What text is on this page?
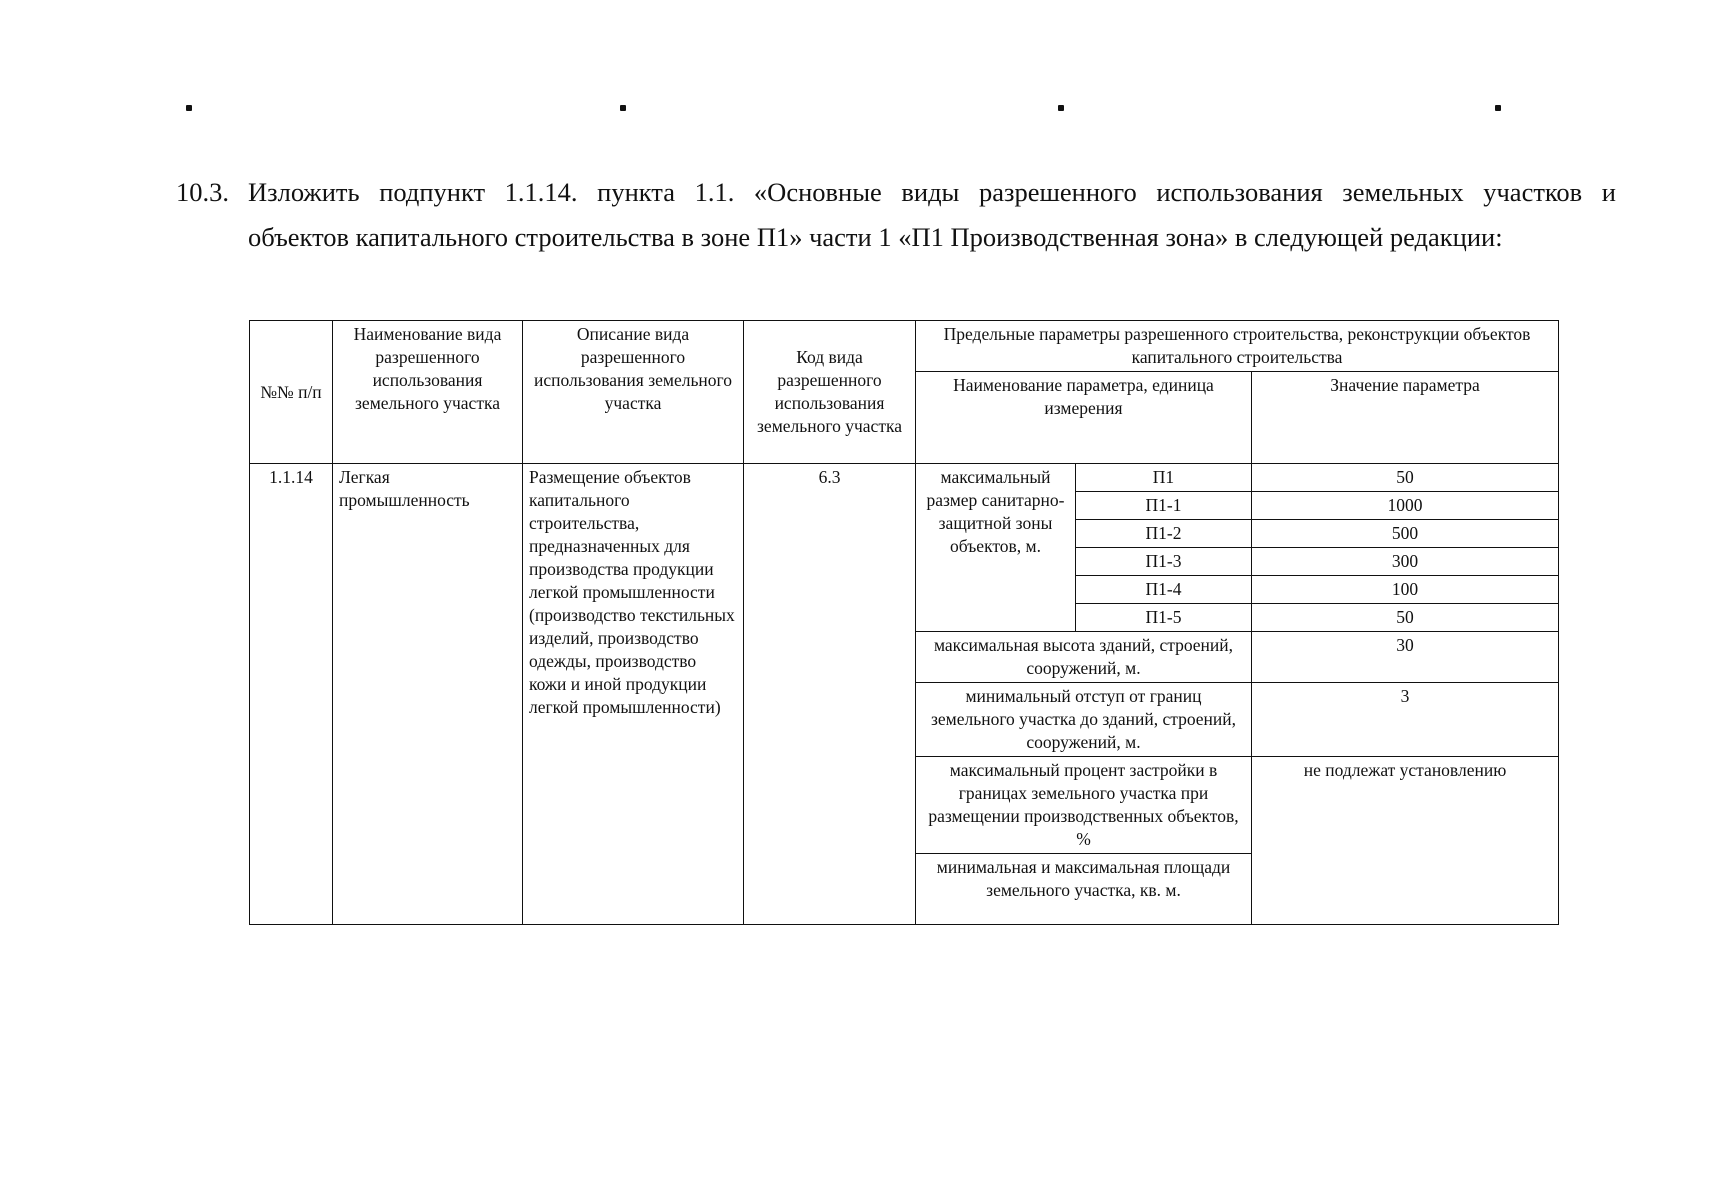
10.3. Изложить подпункт 1.1.14. пункта 1.1. «Основные виды разрешенного использования земельных участков и
объектов капитального строительства в зоне П1» части 1 «П1 Производственная зона» в следующей редакции:
№№ п/п	Наименование вида разрешенного использования земельного участка	Описание вида разрешенного использования земельного участка	Код вида разрешенного использования земельного участка	Предельные параметры разрешенного строительства, реконструкции объектов капитального строительства		
				Наименование параметра, единица измерения		Значение параметра
1.1.14	Легкая промышленность	Размещение объектов капитального строительства, предназначенных для производства продукции легкой промышленности (производство текстильных изделий, производство одежды, производство кожи и иной продукции легкой промышленности)	6.3	максимальный размер санитарно-защитной зоны объектов, м.	П1	50
					П1-1	1000
					П1-2	500
					П1-3	300
					П1-4	100
					П1-5	50
				максимальная высота зданий, строений, сооружений, м.		30
				минимальный отступ от границ земельного участка до зданий, строений, сооружений, м.		3
				максимальный процент застройки в границах земельного участка при размещении производственных объектов, %		не подлежат установлению
				минимальная и максимальная площади земельного участка, кв. м.		
